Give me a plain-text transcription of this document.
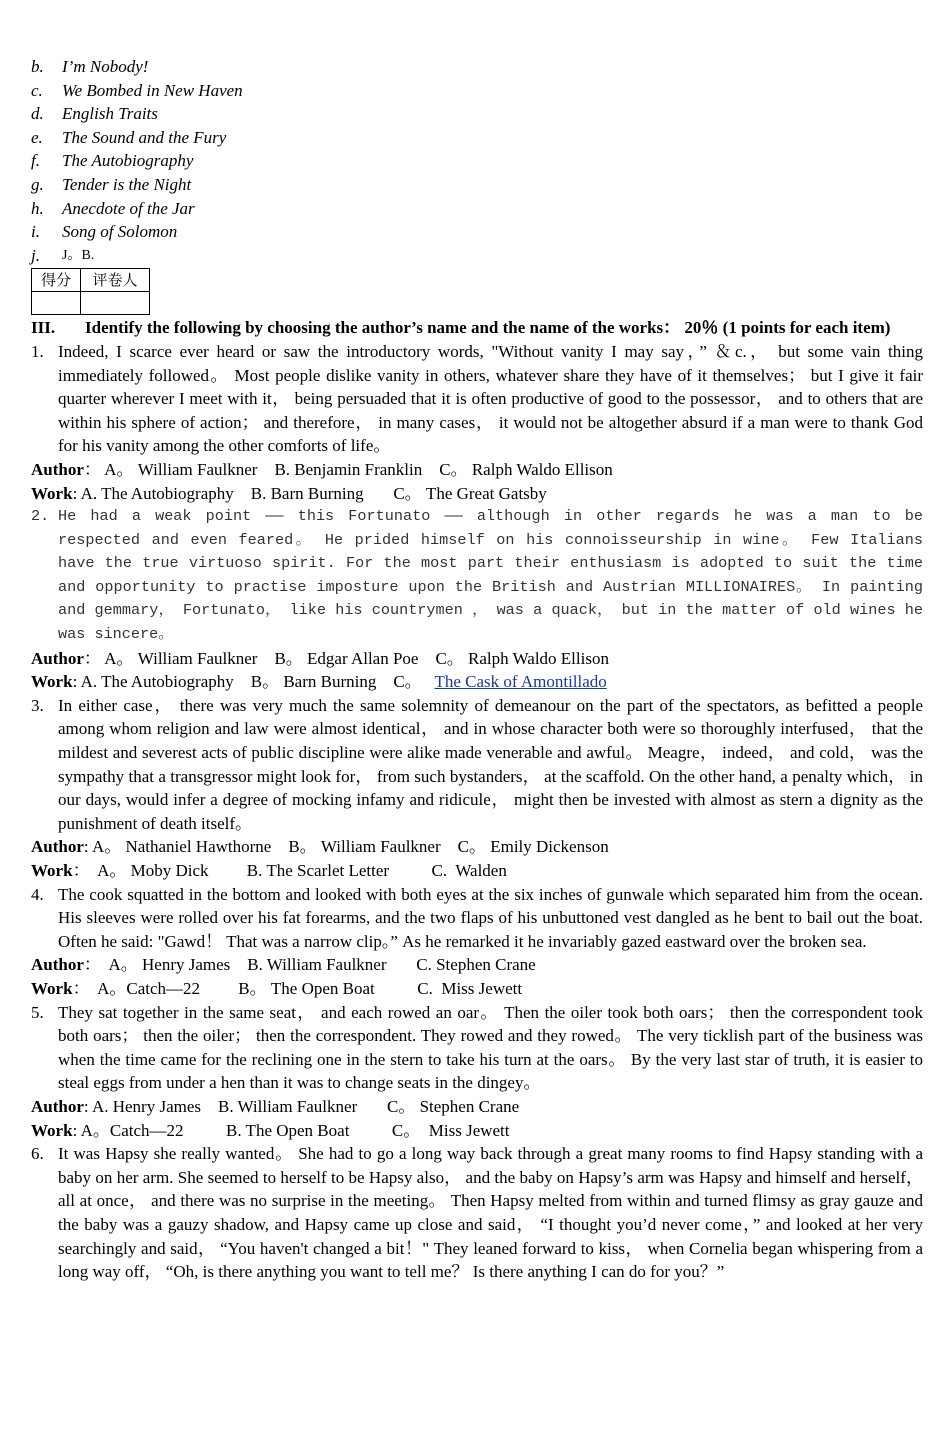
b.	I’m Nobody!
c.	We Bombed in New Haven
d.	English Traits
e.	The Sound and the Fury
f.	The Autobiography
g.	Tender is the Night
h.	Anecdote of the Jar
i.	Song of Solomon
j.	J。B.
得分	评卷人

III.	Identify the following by choosing the author’s name and the name of the works： 20％ (1 points for each item)
1. Indeed, I scarce ever heard or saw the introductory words, "Without vanity I may say，” ＆c.， but some vain thing immediately followed。 Most people dislike vanity in others, whatever share they have of it themselves； but I give it fair quarter wherever I meet with it， being persuaded that it is often productive of good to the possessor， and to others that are within his sphere of action； and therefore， in many cases， it would not be altogether absurd if a man were to thank God for his vanity among the other comforts of life。
Author： A。 William Faulkner    B. Benjamin Franklin    C。 Ralph Waldo Ellison
Work: A. The Autobiography    B. Barn Burning       C。 The Great Gatsby
2. He had a weak point —— this Fortunato —— although in other regards he was a man to be respected and even feared。 He prided himself on his connoisseurship in wine。 Few Italians have the true virtuoso spirit. For the most part their enthusiasm is adopted to suit the time and opportunity to practise imposture upon the British and Austrian MILLIONAIRES。 In painting and gemmary， Fortunato， like his countrymen ， was a quack， but in the matter of old wines he was sincere。
Author： A。 William Faulkner    B。 Edgar Allan Poe    C。 Ralph Waldo Ellison
Work: A. The Autobiography    B。 Barn Burning    C。   The Cask of Amontillado
3. In either case， there was very much the same solemnity of demeanour on the part of the spectators, as befitted a people among whom religion and law were almost identical， and in whose character both were so thoroughly interfused， that the mildest and severest acts of public discipline were alike made venerable and awful。 Meagre， indeed， and cold， was the sympathy that a transgressor might look for， from such bystanders， at the scaffold. On the other hand, a penalty which， in our days, would infer a degree of mocking infamy and ridicule， might then be invested with almost as stern a dignity as the punishment of death itself。
Author: A。 Nathaniel Hawthorne    B。 William Faulkner    C。 Emily Dickenson
Work：  A。 Moby Dick         B. The Scarlet Letter          C.  Walden
4. The cook squatted in the bottom and looked with both eyes at the six inches of gunwale which separated him from the ocean. His sleeves were rolled over his fat forearms, and the two flaps of his unbuttoned vest dangled as he bent to bail out the boat. Often he said: "Gawd！ That was a narrow clip。” As he remarked it he invariably gazed eastward over the broken sea.
Author：  A。 Henry James    B. William Faulkner       C. Stephen Crane
Work：  A。Catch—22         B。 The Open Boat          C.  Miss Jewett
5. They sat together in the same seat， and each rowed an oar。 Then the oiler took both oars； then the correspondent took both oars； then the oiler； then the correspondent. They rowed and they rowed。 The very ticklish part of the business was when the time came for the reclining one in the stern to take his turn at the oars。 By the very last star of truth, it is easier to steal eggs from under a hen than it was to change seats in the dingey。
Author: A. Henry James    B. William Faulkner       C。 Stephen Crane
Work: A。Catch—22          B. The Open Boat          C。  Miss Jewett
6. It was Hapsy she really wanted。 She had to go a long way back through a great many rooms to find Hapsy standing with a baby on her arm. She seemed to herself to be Hapsy also， and the baby on Hapsy’s arm was Hapsy and himself and herself， all at once， and there was no surprise in the meeting。 Then Hapsy melted from within and turned flimsy as gray gauze and the baby was a gauzy shadow, and Hapsy came up close and said， “I thought you’d never come，” and looked at her very searchingly and said， “You haven't changed a bit！" They leaned forward to kiss， when Cornelia began whispering from a long way off， “Oh, is there anything you want to tell me？ Is there anything I can do for you？”
